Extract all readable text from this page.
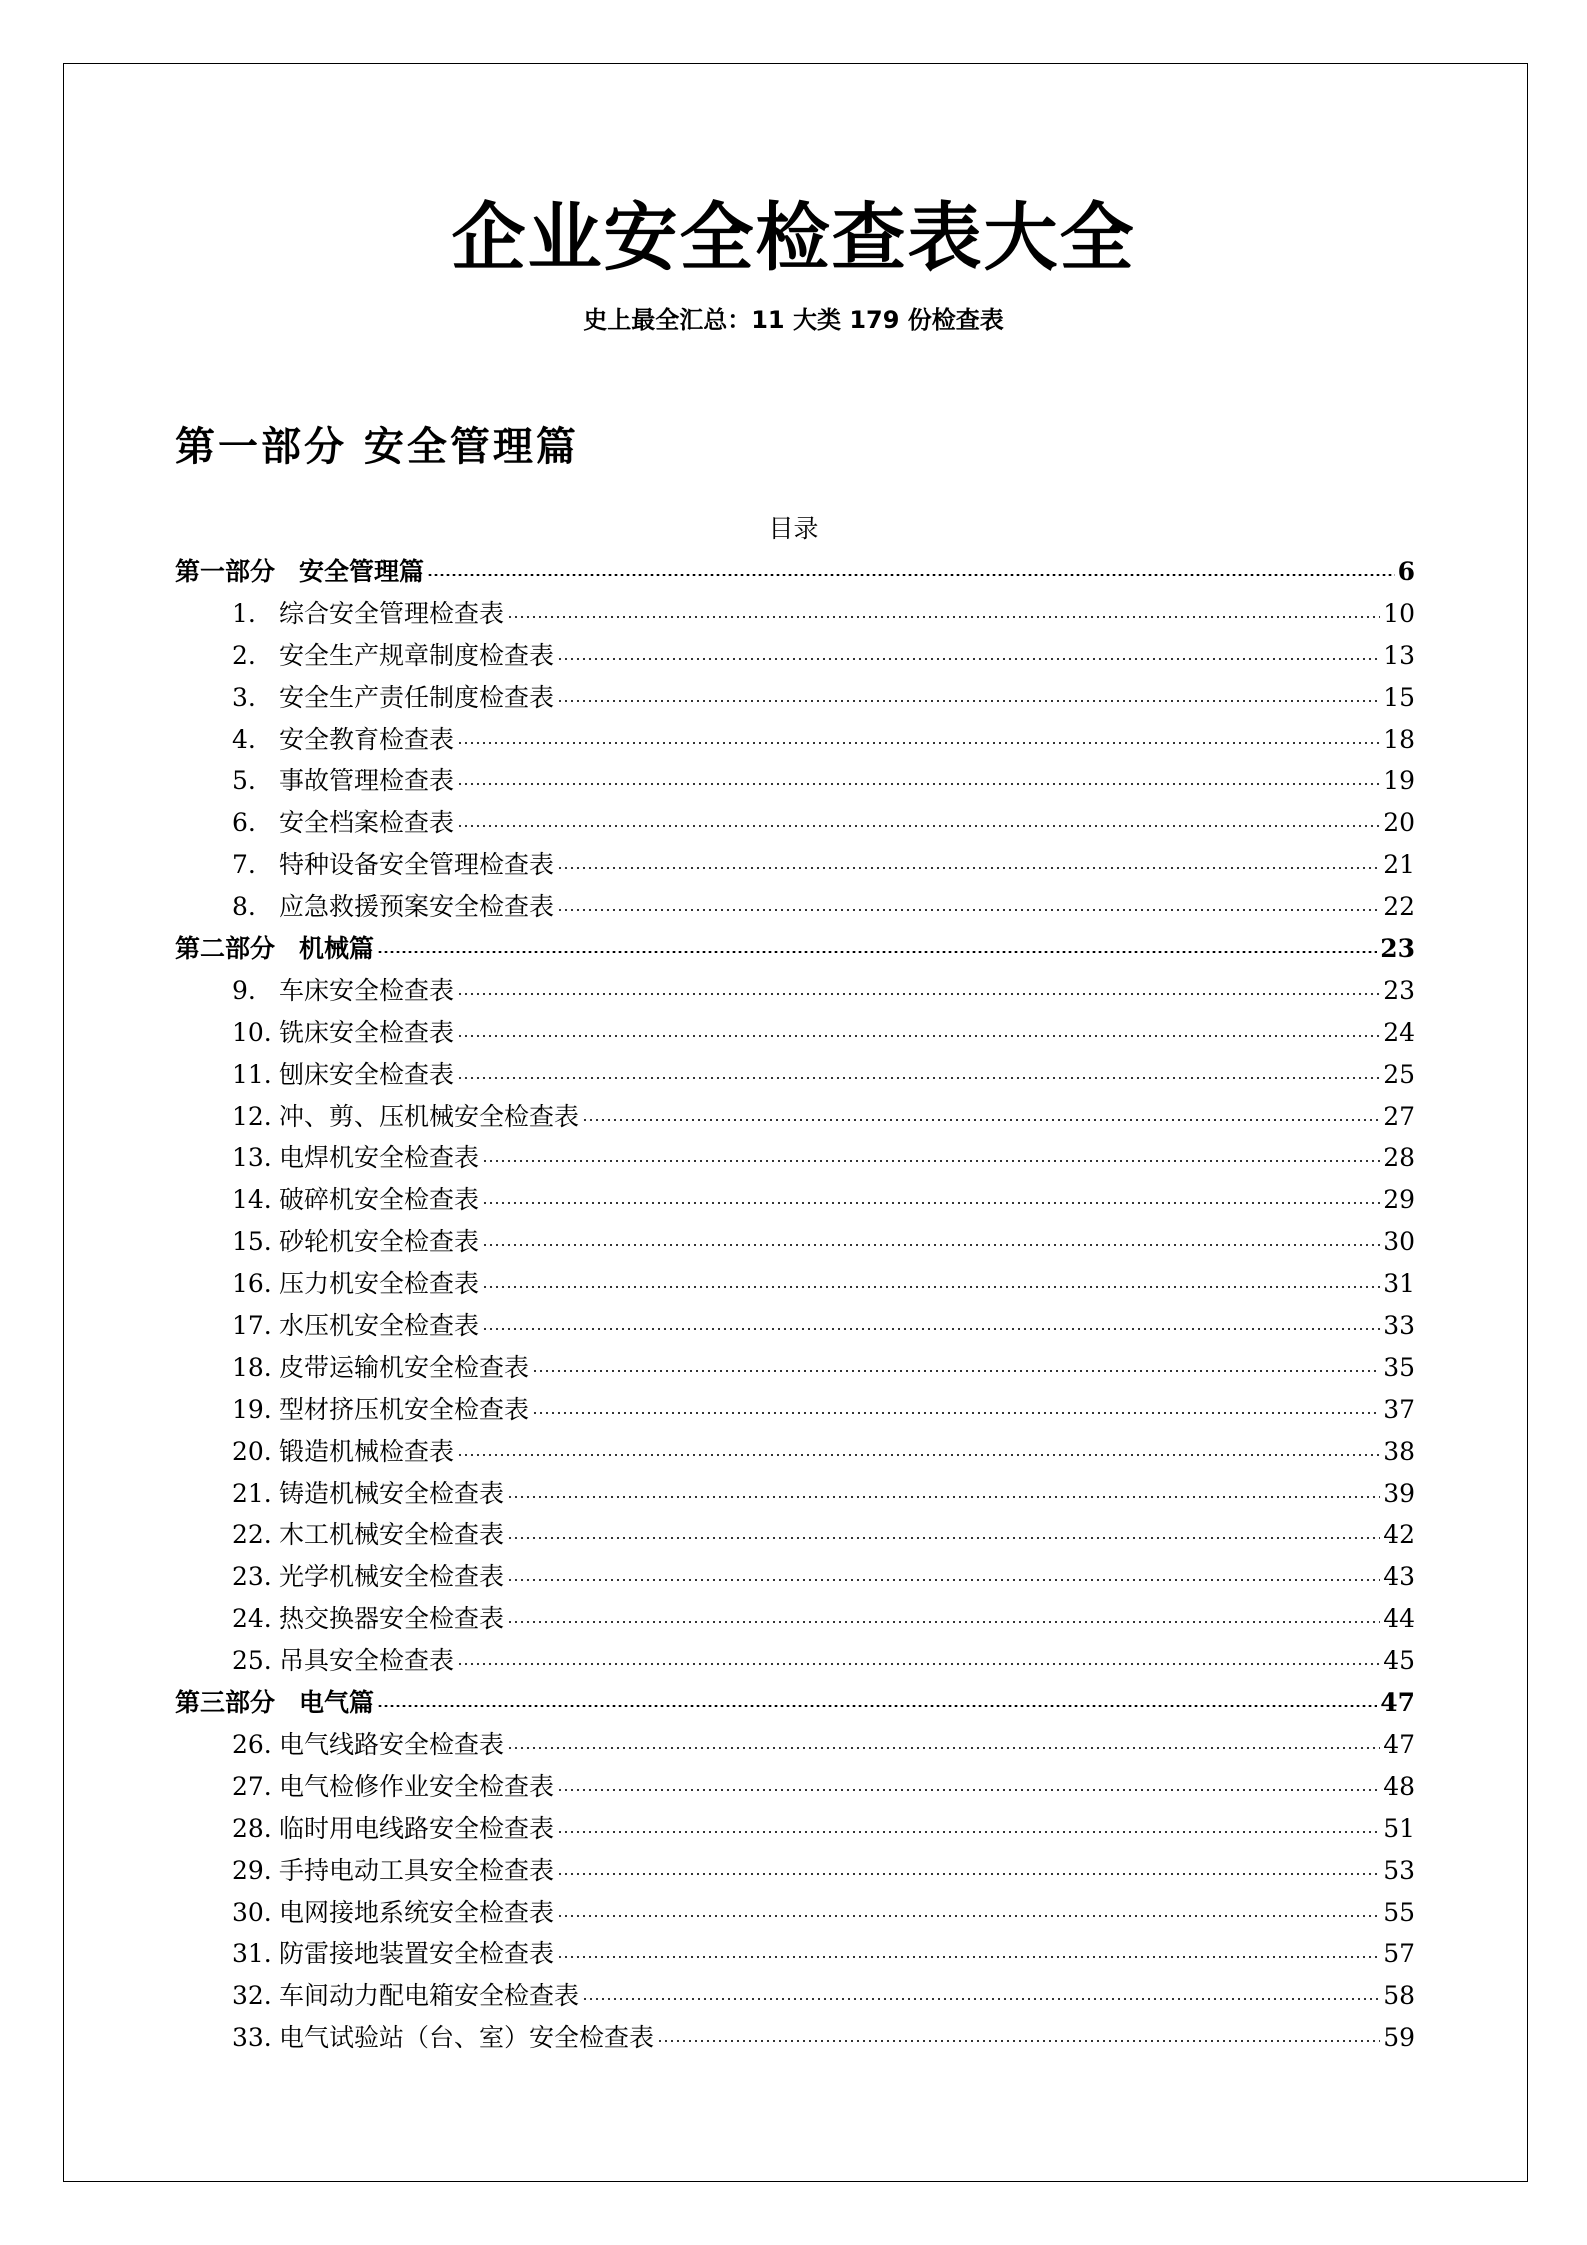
企业安全检查表大全
史上最全汇总：11 大类 179 份检查表
第一部分 安全管理篇
目录
第一部分 安全管理篇	6
1. 综合安全管理检查表	10
2. 安全生产规章制度检查表	13
3. 安全生产责任制度检查表	15
4. 安全教育检查表	18
5. 事故管理检查表	19
6. 安全档案检查表	20
7. 特种设备安全管理检查表	21
8. 应急救援预案安全检查表	22
第二部分 机械篇	23
9. 车床安全检查表	23
10. 铣床安全检查表	24
11. 刨床安全检查表	25
12. 冲、剪、压机械安全检查表	27
13. 电焊机安全检查表	28
14. 破碎机安全检查表	29
15. 砂轮机安全检查表	30
16. 压力机安全检查表	31
17. 水压机安全检查表	33
18. 皮带运输机安全检查表	35
19. 型材挤压机安全检查表	37
20. 锻造机械检查表	38
21. 铸造机械安全检查表	39
22. 木工机械安全检查表	42
23. 光学机械安全检查表	43
24. 热交换器安全检查表	44
25. 吊具安全检查表	45
第三部分 电气篇	47
26. 电气线路安全检查表	47
27. 电气检修作业安全检查表	48
28. 临时用电线路安全检查表	51
29. 手持电动工具安全检查表	53
30. 电网接地系统安全检查表	55
31. 防雷接地装置安全检查表	57
32. 车间动力配电箱安全检查表	58
33. 电气试验站（台、室）安全检查表	59
